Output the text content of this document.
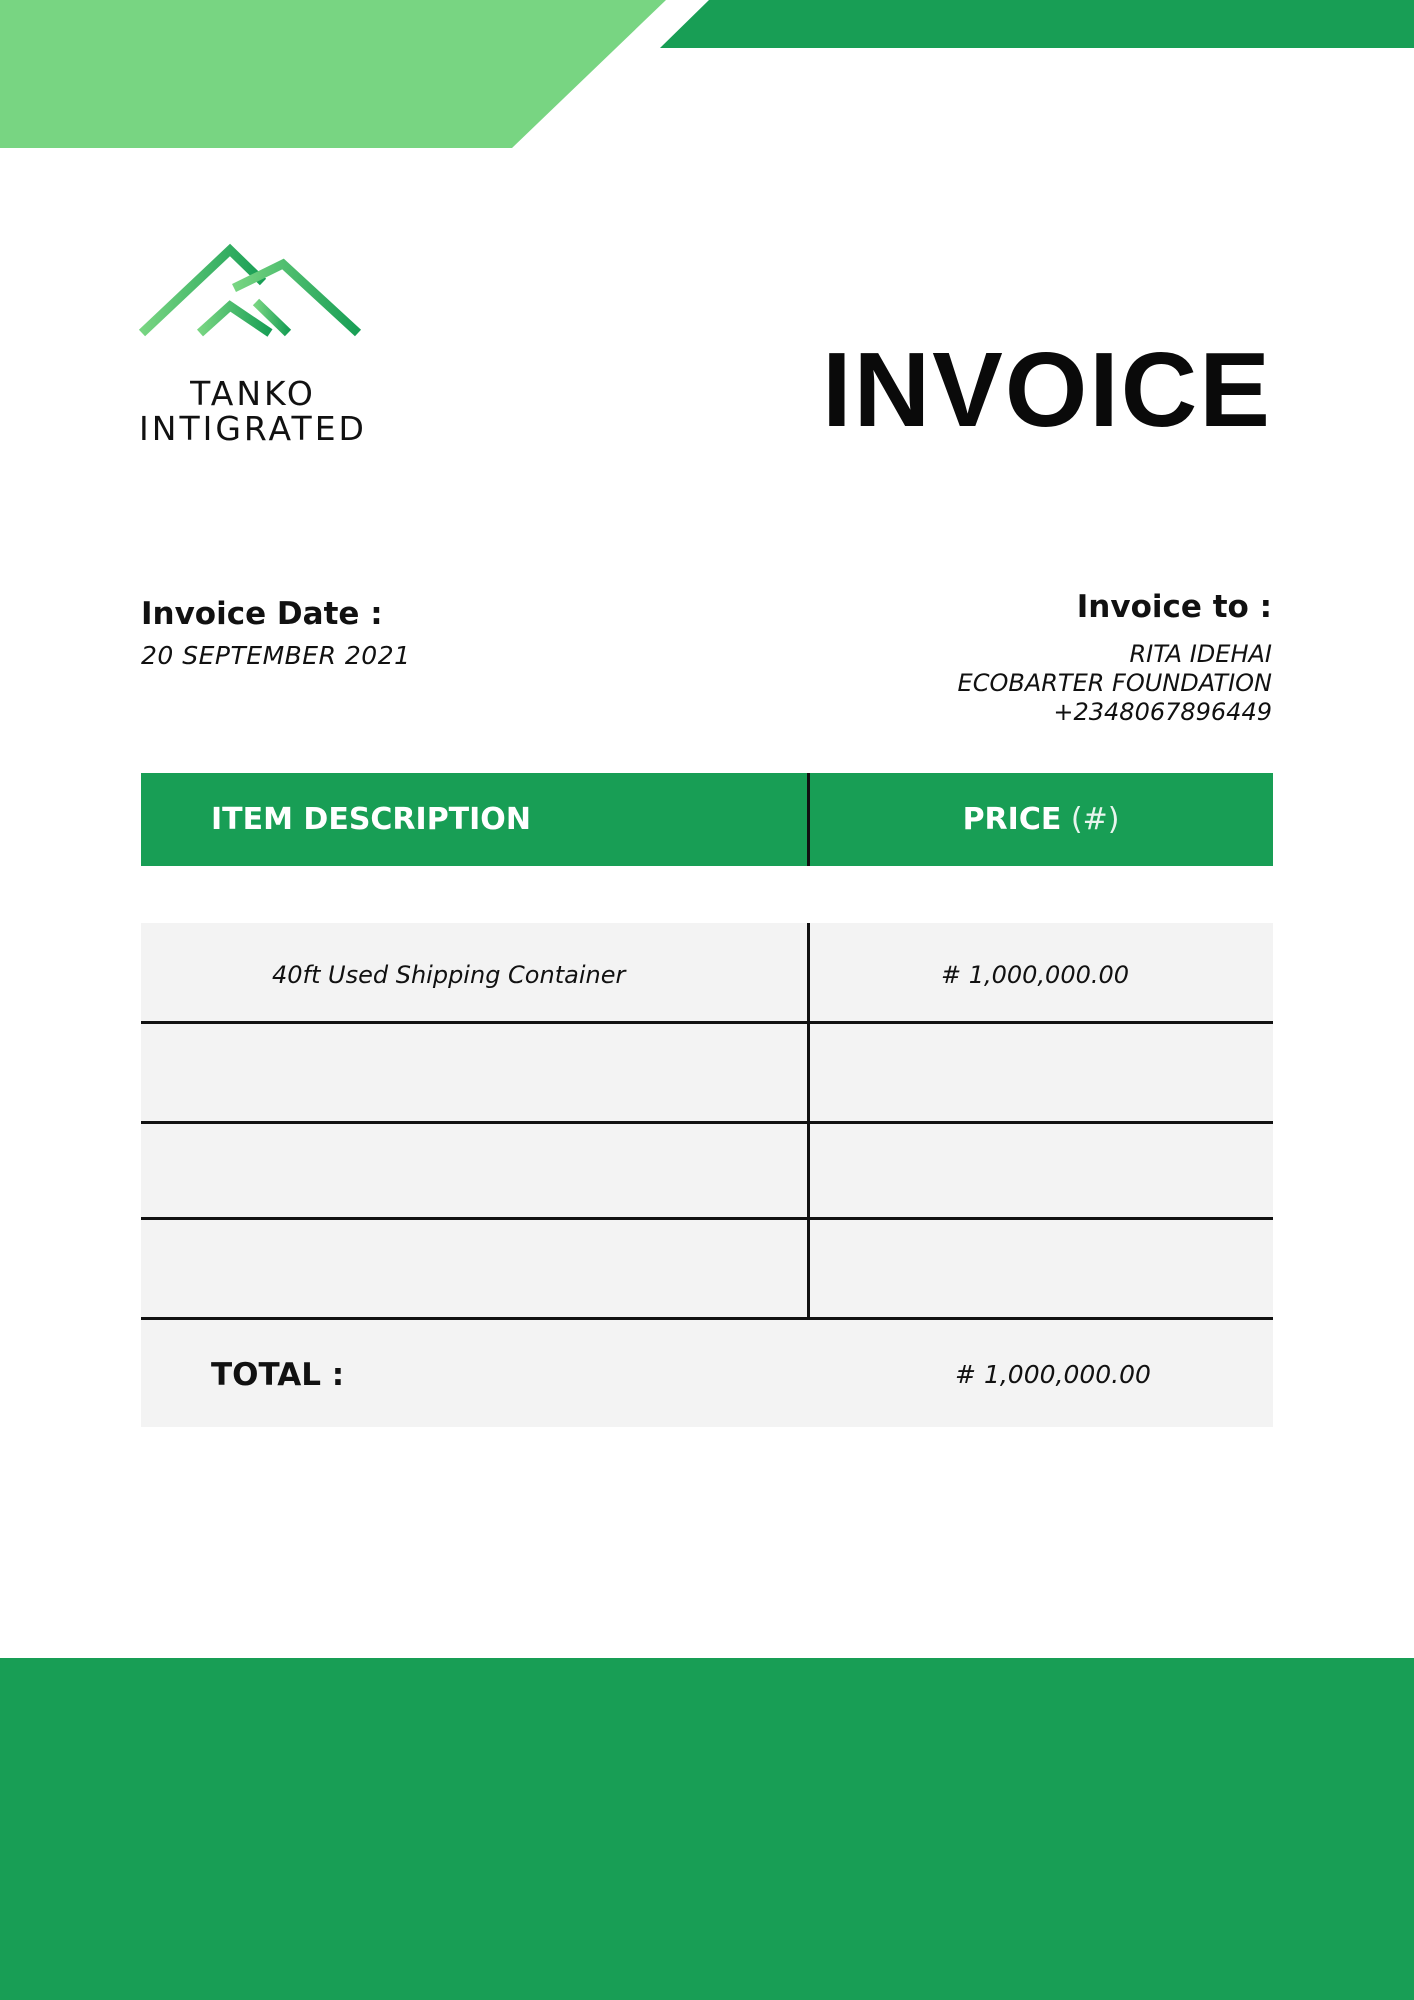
TANKO
INTIGRATED	INVOICE
Invoice Date :
20 SEPTEMBER 2021
Invoice to :
RITA IDEHAI
ECOBARTER FOUNDATION
+2348067896449
ITEM DESCRIPTION	PRICE (#)
40ft Used Shipping Container	# 1,000,000.00
TOTAL :	# 1,000,000.00
